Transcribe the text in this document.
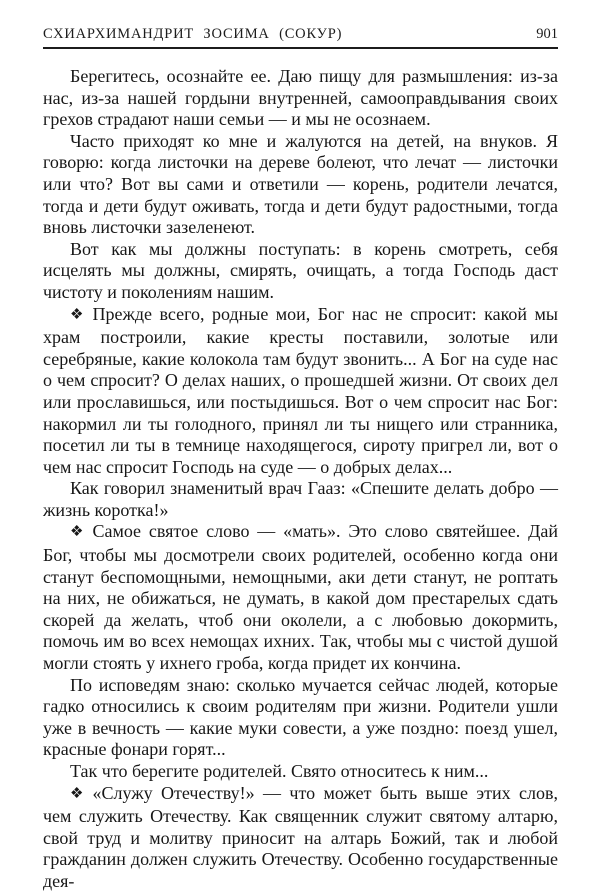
СХИАРХИМАНДРИТ ЗОСИМА (СОКУР)	901

Берегитесь, осознайте ее. Даю пищу для размышления: из-за нас, из-за нашей гордыни внутренней, самооправдывания своих грехов страдают наши семьи — и мы не осознаем.

Часто приходят ко мне и жалуются на детей, на внуков. Я говорю: когда листочки на дереве болеют, что лечат — листочки или что? Вот вы сами и ответили — корень, родители лечатся, тогда и дети будут оживать, тогда и дети будут радостными, тогда вновь листочки зазеленеют.

Вот как мы должны поступать: в корень смотреть, себя исцелять мы должны, смирять, очищать, а тогда Господь даст чистоту и поколениям нашим.

❖ Прежде всего, родные мои, Бог нас не спросит: какой мы храм построили, какие кресты поставили, золотые или серебряные, какие колокола там будут звонить... А Бог на суде нас о чем спросит? О делах наших, о прошедшей жизни. От своих дел или прославишься, или постыдишься. Вот о чем спросит нас Бог: накормил ли ты голодного, принял ли ты нищего или странника, посетил ли ты в темнице находящегося, сироту пригрел ли, вот о чем нас спросит Господь на суде — о добрых делах...

Как говорил знаменитый врач Гааз: «Спешите делать добро — жизнь коротка!»

❖ Самое святое слово — «мать». Это слово святейшее. Дай Бог, чтобы мы досмотрели своих родителей, особенно когда они станут беспомощными, немощными, аки дети станут, не роптать на них, не обижаться, не думать, в какой дом престарелых сдать скорей да желать, чтоб они околели, а с любовью докормить, помочь им во всех немощах ихних. Так, чтобы мы с чистой душой могли стоять у ихнего гроба, когда придет их кончина.

По исповедям знаю: сколько мучается сейчас людей, которые гадко относились к своим родителям при жизни. Родители ушли уже в вечность — какие муки совести, а уже поздно: поезд ушел, красные фонари горят...

Так что берегите родителей. Свято относитесь к ним...

❖ «Служу Отечеству!» — что может быть выше этих слов, чем служить Отечеству. Как священник служит святому алтарю, свой труд и молитву приносит на алтарь Божий, так и любой гражданин должен служить Отечеству. Особенно государственные дея-
